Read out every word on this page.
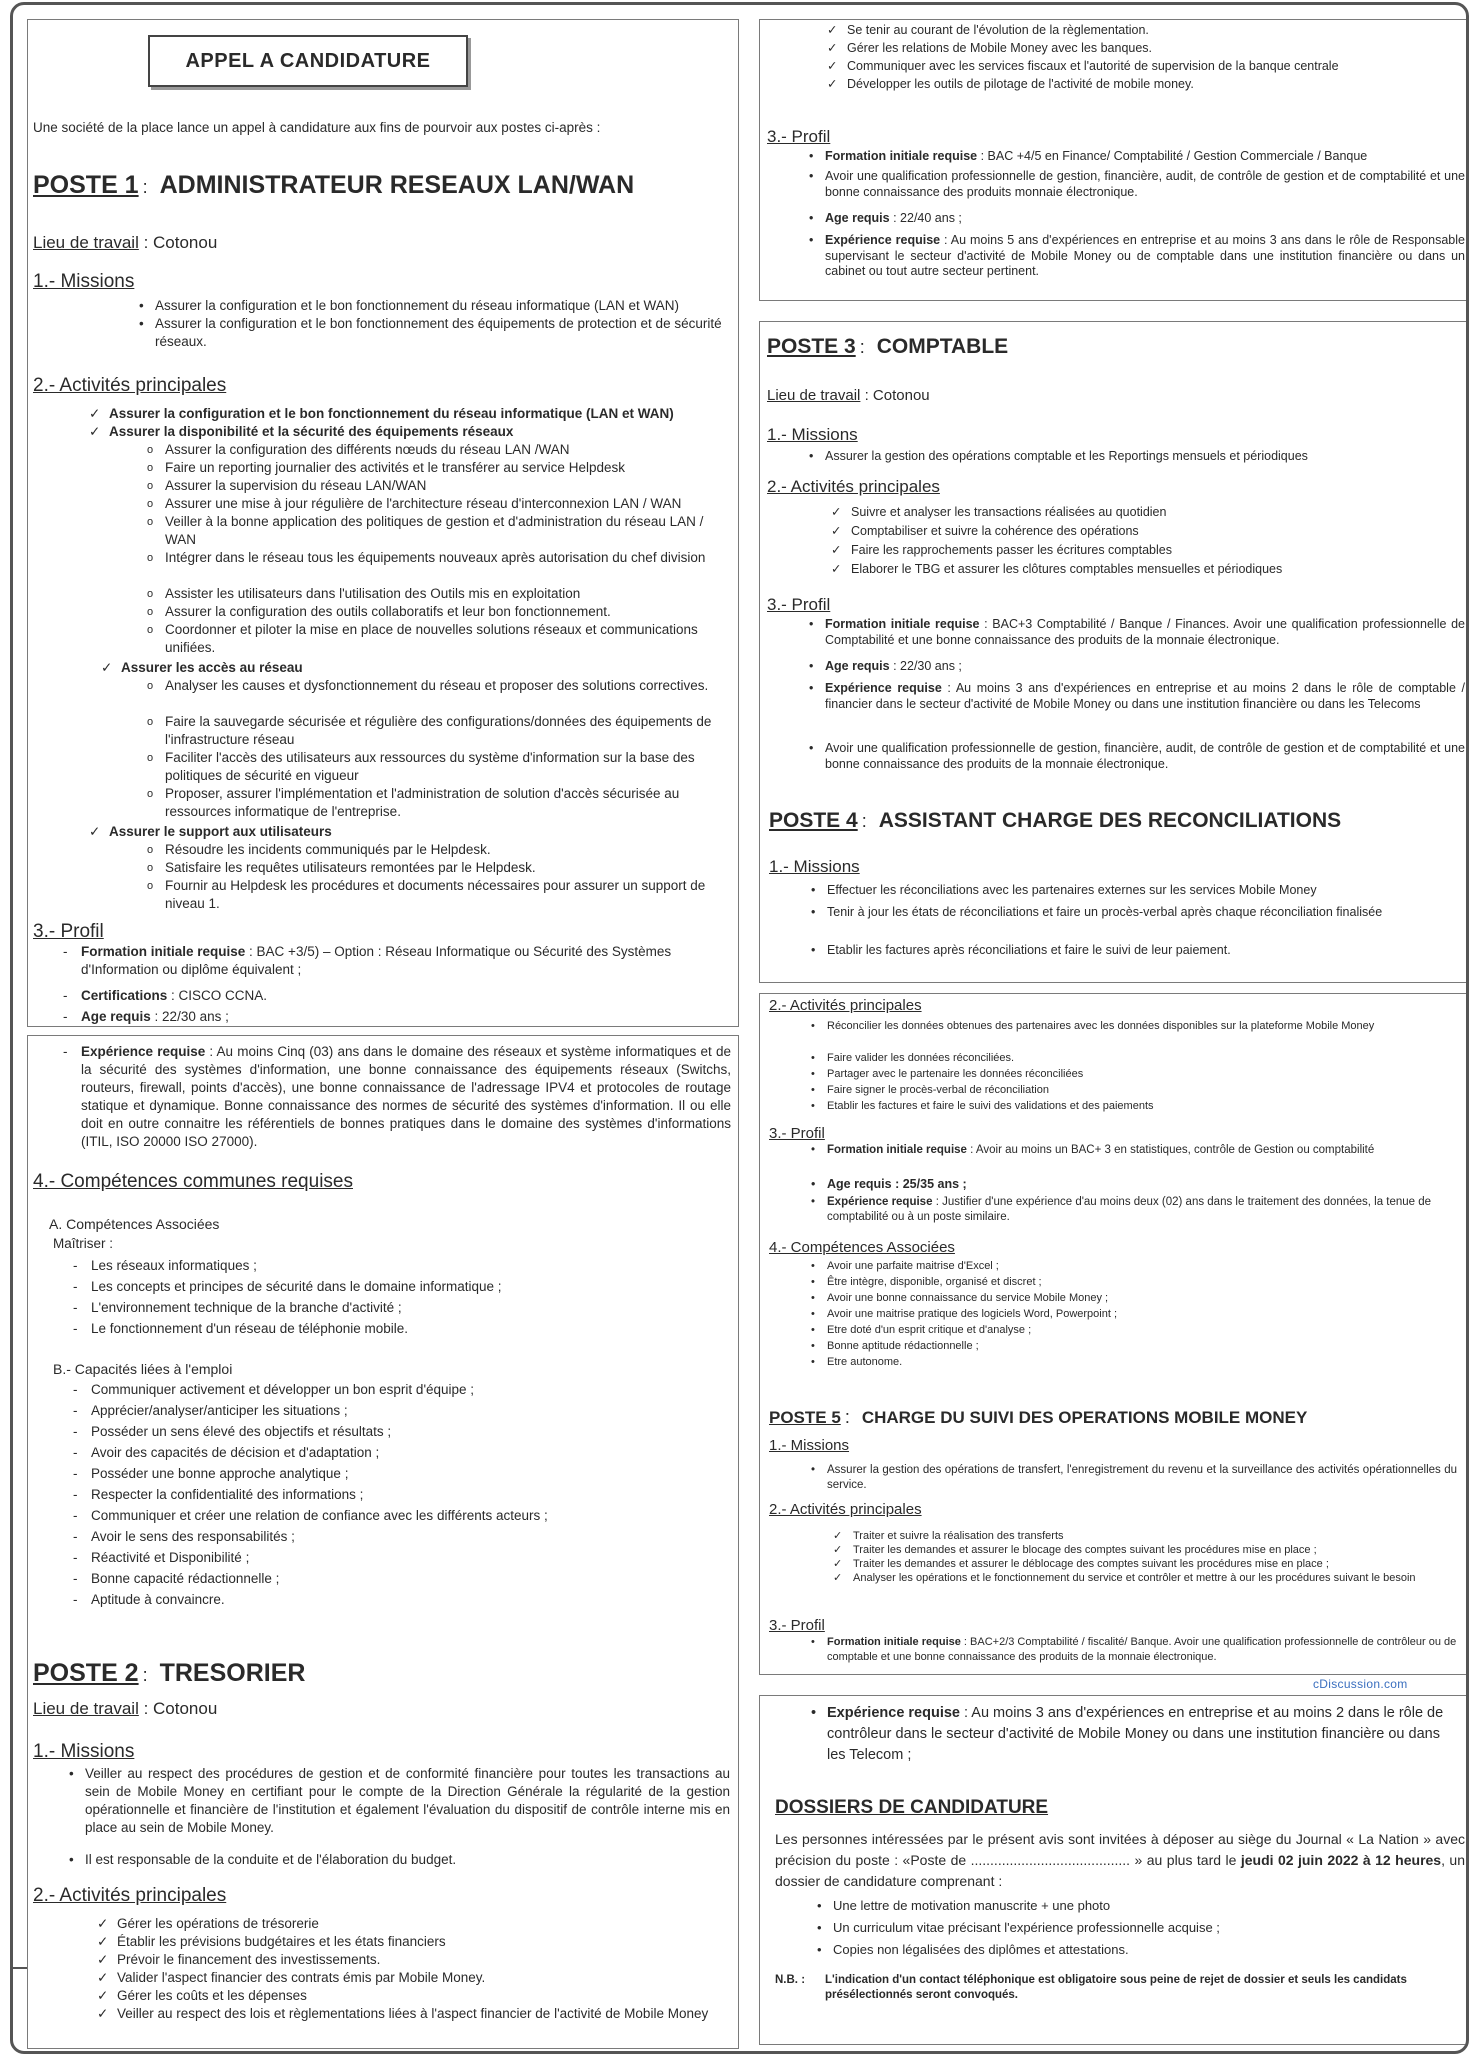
APPEL A CANDIDATURE
Une société de la place lance un appel à candidature aux fins de pourvoir aux postes ci-après :
POSTE 1 : ADMINISTRATEUR RESEAUX LAN/WAN
Lieu de travail : Cotonou
1.- Missions
• Assurer la configuration et le bon fonctionnement du réseau informatique (LAN et WAN)
• Assurer la configuration et le bon fonctionnement des équipements de protection et de sécurité réseaux.
2.- Activités principales
✓ Assurer la configuration et le bon fonctionnement du réseau informatique (LAN et WAN)
✓ Assurer la disponibilité et la sécurité des équipements réseaux
3.- Profil
- Formation initiale requise : BAC +3/5) – Option : Réseau Informatique ou Sécurité des Systèmes d'Information ou diplôme équivalent ;
- Certifications : CISCO CCNA.
- Age requis : 22/30 ans ;
- Expérience requise : Au moins Cinq (03) ans dans le domaine des réseaux et système informatiques et de la sécurité des systèmes d'information, une bonne connaissance des équipements réseaux (Switchs, routeurs, firewall, points d'accès), une bonne connaissance de l'adressage IPV4 et protocoles de routage statique et dynamique. Bonne connaissance des normes de sécurité des systèmes d'information. Il ou elle doit en outre connaitre les référentiels de bonnes pratiques dans le domaine des systèmes d'informations (ITIL, ISO 20000 ISO 27000).
4.- Compétences communes requises
A. Compétences Associées
Maîtriser :
B.- Capacités liées à l'emploi
POSTE 2 : TRESORIER
Lieu de travail : Cotonou
1.- Missions
• Veiller au respect des procédures de gestion et de conformité financière pour toutes les transactions au sein de Mobile Money en certifiant pour le compte de la Direction Générale la régularité de la gestion opérationnelle et financière de l'institution et également l'évaluation du dispositif de contrôle interne mis en place au sein de Mobile Money.
• Il est responsable de la conduite et de l'élaboration du budget.
2.- Activités principales
3.- Profil
• Formation initiale requise : BAC +4/5 en Finance/ Comptabilité / Gestion Commerciale / Banque
• Avoir une qualification professionnelle de gestion, financière, audit, de contrôle de gestion et de comptabilité et une bonne connaissance des produits monnaie électronique.
• Age requis : 22/40 ans ;
• Expérience requise : Au moins 5 ans d'expériences en entreprise et au moins 3 ans dans le rôle de Responsable supervisant le secteur d'activité de Mobile Money ou de comptable dans une institution financière ou dans un cabinet ou tout autre secteur pertinent.
POSTE 3 : COMPTABLE
Lieu de travail : Cotonou
1.- Missions
• Assurer la gestion des opérations comptable et les Reportings mensuels et périodiques
2.- Activités principales
3.- Profil
• Formation initiale requise : BAC+3 Comptabilité / Banque / Finances. Avoir une qualification professionnelle de Comptabilité et une bonne connaissance des produits de la monnaie électronique.
• Age requis : 22/30 ans ;
• Expérience requise : Au moins 3 ans d'expériences en entreprise et au moins 2 dans le rôle de comptable / financier dans le secteur d'activité de Mobile Money ou dans une institution financière ou dans les Telecoms
• Avoir une qualification professionnelle de gestion, financière, audit, de contrôle de gestion et de comptabilité et une bonne connaissance des produits de la monnaie électronique.
POSTE 4 : ASSISTANT CHARGE DES RECONCILIATIONS
1.- Missions
2.- Activités principales
3.- Profil
• Formation initiale requise : Avoir au moins un BAC+ 3 en statistiques, contrôle de Gestion ou comptabilité
• Age requis : 25/35 ans ;
• Expérience requise : Justifier d'une expérience d'au moins deux (02) ans dans le traitement des données, la tenue de comptabilité ou à un poste similaire.
4.- Compétences Associées
POSTE 5 : CHARGE DU SUIVI DES OPERATIONS MOBILE MONEY
1.- Missions
• Assurer la gestion des opérations de transfert, l'enregistrement du revenu et la surveillance des activités opérationnelles du service.
2.- Activités principales
3.- Profil
• Formation initiale requise : BAC+2/3 Comptabilité / fiscalité/ Banque. Avoir une qualification professionnelle de contrôleur ou de comptable et une bonne connaissance des produits de la monnaie électronique.
cDiscussion.com
• Expérience requise : Au moins 3 ans d'expériences en entreprise et au moins 2 dans le rôle de contrôleur dans le secteur d'activité de Mobile Money ou dans une institution financière ou dans les Telecom ;
DOSSIERS DE CANDIDATURE
Les personnes intéressées par le présent avis sont invitées à déposer au siège du Journal « La Nation » avec précision du poste : «Poste de ......................................... » au plus tard le jeudi 02 juin 2022 à 12 heures, un dossier de candidature comprenant :
N.B. : L'indication d'un contact téléphonique est obligatoire sous peine de rejet de dossier et seuls les candidats présélectionnés seront convoqués.
o Assurer la configuration des différents nœuds du réseau LAN /WAN
o Faire un reporting journalier des activités et le transférer au service Helpdesk
o Assurer la supervision du réseau LAN/WAN
o Assurer une mise à jour régulière de l'architecture réseau d'interconnexion LAN / WAN
o Veiller à la bonne application des politiques de gestion et d'administration du réseau LAN / WAN
o Intégrer dans le réseau tous les équipements nouveaux après autorisation du chef division
o Assister les utilisateurs dans l'utilisation des Outils mis en exploitation
o Assurer la configuration des outils collaboratifs et leur bon fonctionnement.
o Coordonner et piloter la mise en place de nouvelles solutions réseaux et communications unifiées.
✓ Assurer les accès au réseau
o Analyser les causes et dysfonctionnement du réseau et proposer des solutions correctives.
o Faire la sauvegarde sécurisée et régulière des configurations/données des équipements de l'infrastructure réseau
o Faciliter l'accès des utilisateurs aux ressources du système d'information sur la base des politiques de sécurité en vigueur
o Proposer, assurer l'implémentation et l'administration de solution d'accès sécurisée au ressources informatique de l'entreprise.
✓ Assurer le support aux utilisateurs
o Résoudre les incidents communiqués par le Helpdesk.
o Satisfaire les requêtes utilisateurs remontées par le Helpdesk.
o Fournir au Helpdesk les procédures et documents nécessaires pour assurer un support de niveau 1.
- Les réseaux informatiques ;
- Les concepts et principes de sécurité dans le domaine informatique ;
- L'environnement technique de la branche d'activité ;
- Le fonctionnement d'un réseau de téléphonie mobile.
- Communiquer activement et développer un bon esprit d'équipe ;
- Apprécier/analyser/anticiper les situations ;
- Posséder un sens élevé des objectifs et résultats ;
- Avoir des capacités de décision et d'adaptation ;
- Posséder une bonne approche analytique ;
- Respecter la confidentialité des informations ;
- Communiquer et créer une relation de confiance avec les différents acteurs ;
- Avoir le sens des responsabilités ;
- Réactivité et Disponibilité ;
- Bonne capacité rédactionnelle ;
- Aptitude à convaincre.
✓ Gérer les opérations de trésorerie
✓ Établir les prévisions budgétaires et les états financiers
✓ Prévoir le financement des investissements.
✓ Valider l'aspect financier des contrats émis par Mobile Money.
✓ Gérer les coûts et les dépenses
✓ Veiller au respect des lois et règlementations liées à l'aspect financier de l'activité de Mobile Money
✓ Se tenir au courant de l'évolution de la règlementation.
✓ Gérer les relations de Mobile Money avec les banques.
✓ Communiquer avec les services fiscaux et l'autorité de supervision de la banque centrale
✓ Développer les outils de pilotage de l'activité de mobile money.
✓ Suivre et analyser les transactions réalisées au quotidien
✓ Comptabiliser et suivre la cohérence des opérations
✓ Faire les rapprochements passer les écritures comptables
✓ Elaborer le TBG et assurer les clôtures comptables mensuelles et périodiques
• Effectuer les réconciliations avec les partenaires externes sur les services Mobile Money
• Tenir à jour les états de réconciliations et faire un procès-verbal après chaque réconciliation finalisée
• Etablir les factures après réconciliations et faire le suivi de leur paiement.
• Réconcilier les données obtenues des partenaires avec les données disponibles sur la plateforme Mobile Money
• Faire valider les données réconciliées.
• Partager avec le partenaire les données réconciliées
• Faire signer le procès-verbal de réconciliation
• Etablir les factures et faire le suivi des validations et des paiements
• Avoir une parfaite maitrise d'Excel ;
• Être intègre, disponible, organisé et discret ;
• Avoir une bonne connaissance du service Mobile Money ;
• Avoir une maitrise pratique des logiciels Word, Powerpoint ;
• Etre doté d'un esprit critique et d'analyse ;
• Bonne aptitude rédactionnelle ;
• Etre autonome.
✓ Traiter et suivre la réalisation des transferts
✓ Traiter les demandes et assurer le blocage des comptes suivant les procédures mise en place ;
✓ Traiter les demandes et assurer le déblocage des comptes suivant les procédures mise en place ;
✓ Analyser les opérations et le fonctionnement du service et contrôler et mettre à our les procédures suivant le besoin
• Une lettre de motivation manuscrite + une photo
• Un curriculum vitae précisant l'expérience professionnelle acquise ;
• Copies non légalisées des diplômes et attestations.
